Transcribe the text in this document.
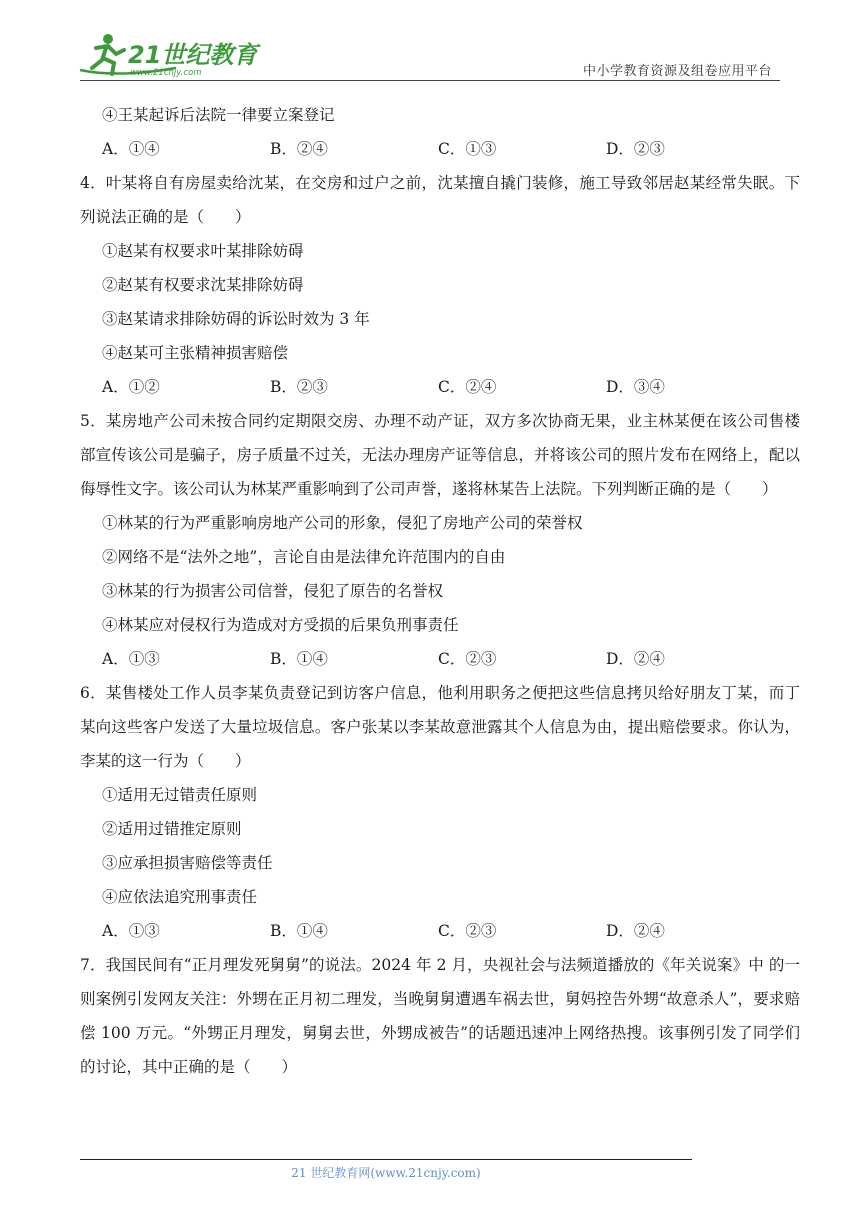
21世纪教育
www.21cnjy.com	中小学教育资源及组卷应用平台
④王某起诉后法院一律要立案登记
A．①④	B．②④	C．①③	D．②③
4．叶某将自有房屋卖给沈某，在交房和过户之前，沈某擅自撬门装修，施工导致邻居赵某经常失眠。下列说法正确的是（　　）
①赵某有权要求叶某排除妨碍
②赵某有权要求沈某排除妨碍
③赵某请求排除妨碍的诉讼时效为 3 年
④赵某可主张精神损害赔偿
A．①②	B．②③	C．②④	D．③④
5．某房地产公司未按合同约定期限交房、办理不动产证，双方多次协商无果，业主林某便在该公司售楼部宣传该公司是骗子，房子质量不过关，无法办理房产证等信息，并将该公司的照片发布在网络上，配以侮辱性文字。该公司认为林某严重影响到了公司声誉，遂将林某告上法院。下列判断正确的是（　　）
①林某的行为严重影响房地产公司的形象，侵犯了房地产公司的荣誉权
②网络不是“法外之地”，言论自由是法律允许范围内的自由
③林某的行为损害公司信誉，侵犯了原告的名誉权
④林某应对侵权行为造成对方受损的后果负刑事责任
A．①③	B．①④	C．②③	D．②④
6．某售楼处工作人员李某负责登记到访客户信息，他利用职务之便把这些信息拷贝给好朋友丁某，而丁某向这些客户发送了大量垃圾信息。客户张某以李某故意泄露其个人信息为由，提出赔偿要求。你认为，李某的这一行为（　　）
①适用无过错责任原则
②适用过错推定原则
③应承担损害赔偿等责任
④应依法追究刑事责任
A．①③	B．①④	C．②③	D．②④
7．我国民间有“正月理发死舅舅”的说法。2024 年 2 月，央视社会与法频道播放的《年关说案》中 的一则案例引发网友关注：外甥在正月初二理发，当晚舅舅遭遇车祸去世，舅妈控告外甥“故意杀人”，要求赔偿 100 万元。“外甥正月理发，舅舅去世，外甥成被告”的话题迅速冲上网络热搜。该事例引发了同学们的讨论，其中正确的是（　　）
21 世纪教育网(www.21cnjy.com)
